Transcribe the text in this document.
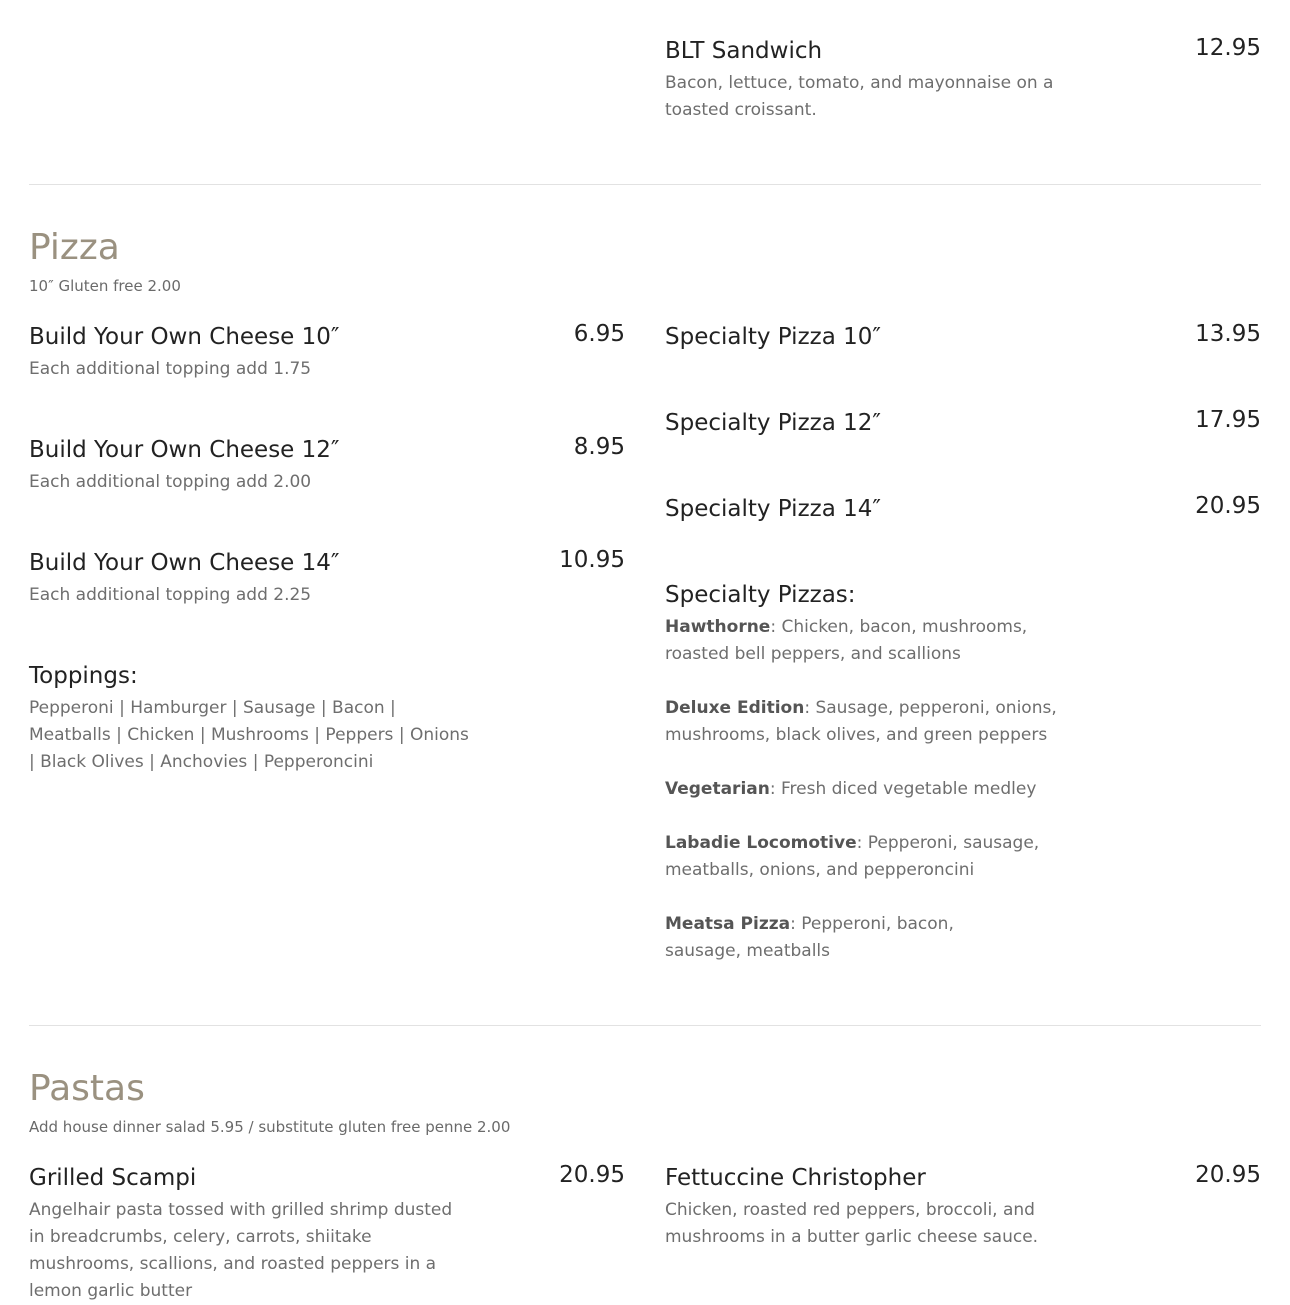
BLT Sandwich	12.95
Bacon, lettuce, tomato, and mayonnaise on a toasted croissant.
Pizza
10″ Gluten free 2.00
Build Your Own Cheese 10″	6.95
Each additional topping add 1.75
Build Your Own Cheese 12″	8.95
Each additional topping add 2.00
Build Your Own Cheese 14″	10.95
Each additional topping add 2.25
Toppings:
Pepperoni | Hamburger | Sausage | Bacon | Meatballs | Chicken | Mushrooms | Peppers | Onions | Black Olives | Anchovies | Pepperoncini
Specialty Pizza 10″	13.95
Specialty Pizza 12″	17.95
Specialty Pizza 14″	20.95
Specialty Pizzas:
Hawthorne: Chicken, bacon, mushrooms, roasted bell peppers, and scallions
Deluxe Edition: Sausage, pepperoni, onions, mushrooms, black olives, and green peppers
Vegetarian: Fresh diced vegetable medley
Labadie Locomotive: Pepperoni, sausage, meatballs, onions, and pepperoncini
Meatsa Pizza: Pepperoni, bacon, sausage, meatballs
Pastas
Add house dinner salad 5.95 / substitute gluten free penne 2.00
Grilled Scampi	20.95
Angelhair pasta tossed with grilled shrimp dusted in breadcrumbs, celery, carrots, shiitake mushrooms, scallions, and roasted peppers in a lemon garlic butter
Fettuccine Christopher	20.95
Chicken, roasted red peppers, broccoli, and mushrooms in a butter garlic cheese sauce.
